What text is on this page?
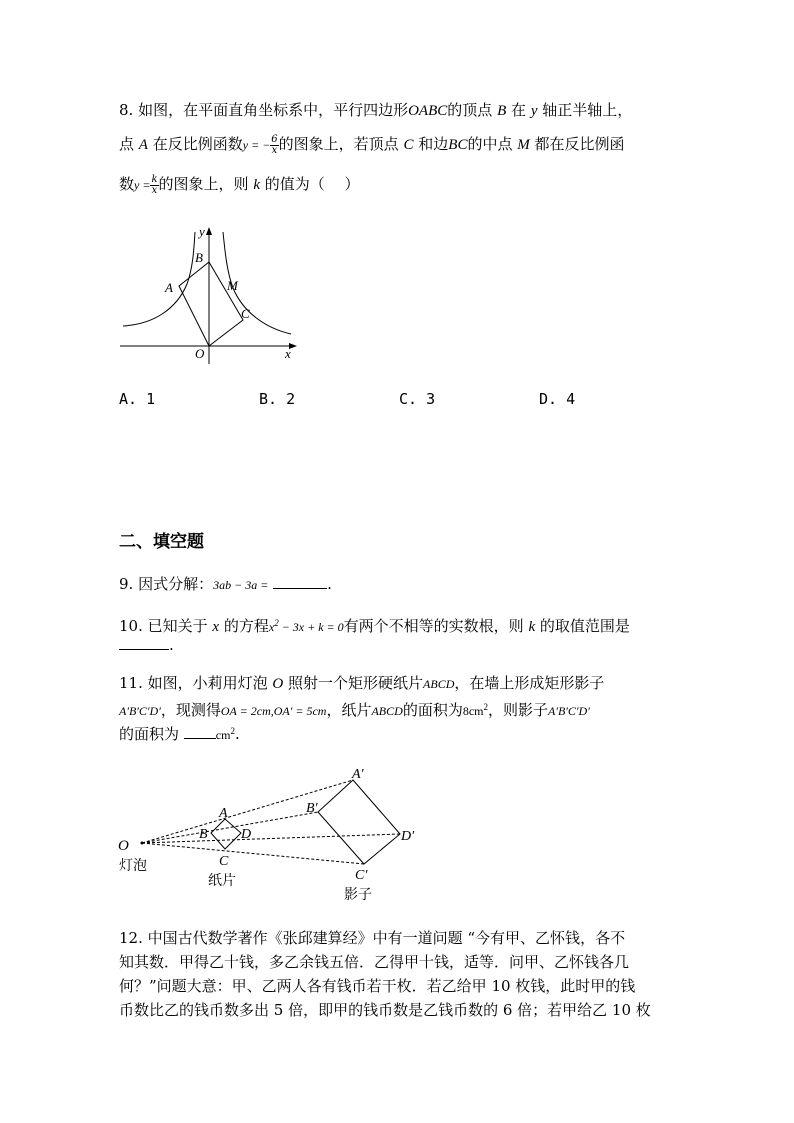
8. 如图，在平面直角坐标系中，平行四边形OABC的顶点 B 在 y 轴正半轴上，
点 A 在反比例函数y = − $\frac{6}{x}$ 的图象上，若顶点 C 和边BC的中点 M 都在反比例函
数$y = \frac{k}{x}$ 的图象上，则 k 的值为（　 ）
y
x
O
A
B
C
M
A. 1	B. 2	C. 3	D. 4
二、填空题
9. 因式分解：3ab − 3a =	.
10. 已知关于 x 的方程$x^2 - 3x + k = 0$有两个不相等的实数根，则 k 的取值范围是
.
11. 如图，小莉用灯泡 O 照射一个矩形硬纸片ABCD，在墙上形成矩形影子
A′B′C′D′，现测得OA = 2cm,OA′ = 5cm，纸片ABCD的面积为$8cm^2$，则影子A′B′C′D′
的面积为	$cm^2$.
O
A
B
C
D
A′
B′
C′
D′
灯泡
纸片
影子
12. 中国古代数学著作《张邱建算经》中有一道问题 “今有甲、乙怀钱，各不
知其数．甲得乙十钱，多乙余钱五倍．乙得甲十钱，适等．问甲、乙怀钱各几
何？”问题大意：甲、乙两人各有钱币若干枚．若乙给甲 10 枚钱，此时甲的钱
币数比乙的钱币数多出 5 倍，即甲的钱币数是乙钱币数的 6 倍；若甲给乙 10 枚
